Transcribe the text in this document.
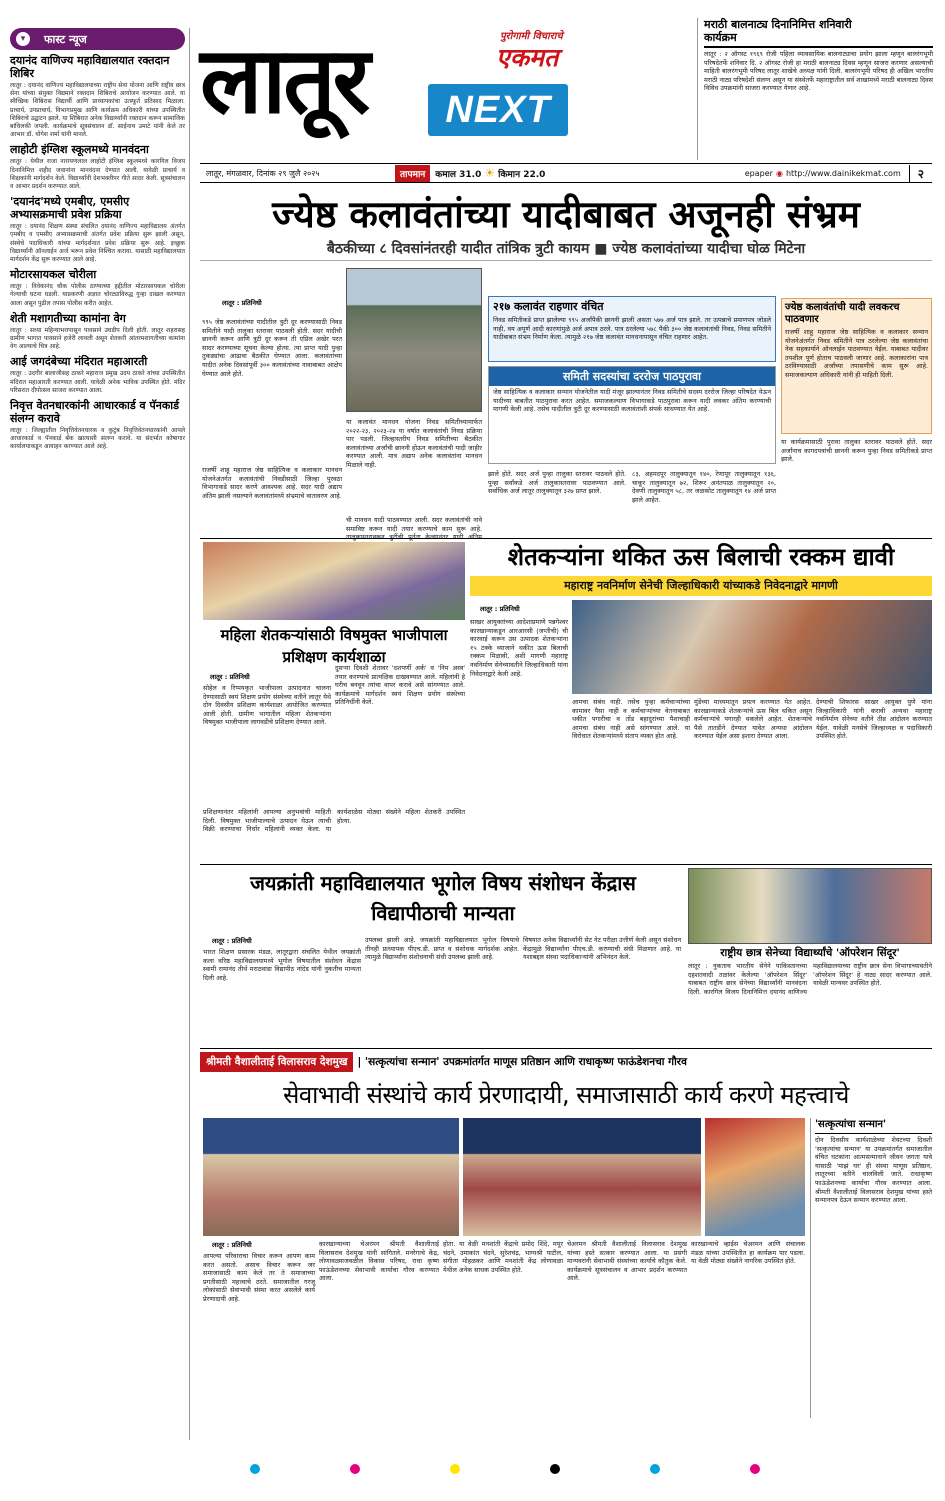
▾	फास्ट न्यूज
दयानंद वाणिज्य महाविद्यालयात रक्तदान शिबिर
लातूर : दयानंद वाणिज्य महाविद्यालयाच्या राष्ट्रीय सेवा योजना आणि राष्ट्रीय छात्र सेना यांच्या संयुक्त विद्यमाने रक्तदान शिबिराचे आयोजन करण्यात आले. या स्वैच्छिक शिबिरास विद्यार्थी आणि प्राध्यापकांचा उत्स्फूर्त प्रतिसाद मिळाला. प्राचार्य, उपप्राचार्य, विभागप्रमुख आणि कार्यक्रम अधिकारी यांच्या उपस्थितीत शिबिराचे उद्घाटन झाले. या शिबिरात अनेक विद्यार्थ्यांनी रक्तदान करून सामाजिक बांधिलकी जपली. कार्यक्रमाचे सूत्रसंचालन डॉ. साईनाथ उमाटे यांनी केले तर आभार डॉ. योगेश शर्मा यांनी मानले.
लाहोटी इंग्लिश स्कूलमध्ये मानवंदना
लातूर : येथील राजा नारायणलाल लाहोटी इंग्लिश स्कूलमध्ये कारगिल विजय दिनानिमित्त शहीद जवानांना मानवंदना देण्यात आली. यावेळी प्राचार्य व शिक्षकांनी मार्गदर्शन केले. विद्यार्थ्यांनी देशभक्तीपर गीते सादर केली. सूत्रसंचालन व आभार प्रदर्शन करण्यात आले.
'दयानंद'मध्ये एमबीए, एमसीए अभ्यासक्रमाची प्रवेश प्रक्रिया
लातूर : दयानंद शिक्षण संस्था संचलित दयानंद वाणिज्य महाविद्यालय अंतर्गत एमबीए व एमसीए अभ्यासक्रमाची अंतर्गत प्रवेश प्रक्रिया सुरू झाली असून, संस्थेचे पदाधिकारी यांच्या मार्गदर्शनात प्रवेश प्रक्रिया सुरू आहे. इच्छुक विद्यार्थ्यांनी ऑनलाईन अर्ज भरून प्रवेश निश्चित करावा. यासाठी महाविद्यालयात मार्गदर्शन केंद्र सुरू करण्यात आले आहे.
मोटारसायकल चोरीला
लातूर : विवेकानंद चौक पोलीस ठाण्याच्या हद्दीतील मोटारसायकल चोरीला गेल्याची घटना घडली. याप्रकरणी अज्ञात चोरट्याविरुद्ध गुन्हा दाखल करण्यात आला असून पुढील तपास पोलीस करीत आहेत.
शेती मशागतीच्या कामांना वेग
लातूर : सध्या महिन्याभरापासून पावसाने उघडीप दिली होती. लातूर शहरासह ग्रामीण भागात पावसाने हजेरी लावली असून शेतकरी आंतरमशागतीच्या कामांना वेग आल्याचे चित्र आहे.
आई जगदंबेच्या मंदिरात महाआरती
लातूर : उदगीर बालाजीसह ठाकरे महाराज प्रमुख उदय ठाकरे यांच्या उपस्थितीत मंदिरात महाआरती करण्यात आली. यावेळी अनेक भाविक उपस्थित होते. मंदिर परिसरात दीपोत्सव साजरा करण्यात आला.
निवृत्त वेतनधारकांनी आधारकार्ड व पॅनकार्ड संलग्न करावे
लातूर : जिल्ह्यातील निवृत्तिवेतनधारक व कुटुंब निवृत्तिवेतनधारकांनी आपले आधारकार्ड व पॅनकार्ड बँक खात्याशी संलग्न करावे. या संदर्भात कोषागार कार्यालयाकडून आवाहन करण्यात आले आहे.
लातूर	पुरोगामी विचाराचे
एकमत
NEXT
लातूर, मंगळवार, दिनांक २९ जुलै २०२५	तापमान	कमाल 31.0 ☀ किमान 22.0	epaper ◉ http://www.dainikekmat.com	२
मराठी बालनाट्य दिनानिमित्त शनिवारी कार्यक्रम
लातूर : २ ऑगस्ट १९६९ रोजी पहिला व्यावसायिक बालनाट्याचा प्रयोग झाला म्हणून बालरंगभूमी परिषदेतर्फे शनिवार दि. २ ऑगस्ट रोजी हा मराठी बालनाट्य दिवस म्हणून साजरा करणार असल्याची माहिती बालरंगभूमी परिषद लातूर शाखेचे अध्यक्ष यांनी दिली. बालरंगभूमी परिषद ही अखिल भारतीय मराठी नाट्य परिषदेशी संलग्न असून या संस्थेतर्फे महाराष्ट्रातील सर्व शाखांमध्ये मराठी बालनाट्य दिवस विविध उपक्रमांनी साजरा करण्यात येणार आहे.
ज्येष्ठ कलावंतांच्या यादीबाबत अजूनही संभ्रम
बैठकीच्या ८ दिवसांनंतरही यादीत तांत्रिक त्रुटी कायम ■ ज्येष्ठ कलावंतांच्या यादीचा घोळ मिटेना
लातूर : प्रतिनिधी
९९५ जेष्ठ कलावंतांच्या यादीतील त्रुटी दूर करण्यासाठी निवड समितीने यादी तालुका स्तरावर पाठवली होती. सदर यादीची छाननी करून आणि त्रुटी दूर करून ती एप्रिल अखेर परत सादर करण्याच्या सूचना केल्या होत्या. त्या प्राप्त यादी पुन्हा तुकड्यांचा आढावा बैठकीत घेण्यात आला. कलावंतांच्या यादीत अनेक दिवसांपूर्वी ३०० कलावंतांच्या नावाबाबत आक्षेप घेण्यात आले होते.
या कलावंत मानधन योजना निवड समितीच्यामार्फत २०२२-२३, २०२३-२४ या वर्षात कलावंतांची निवड प्रक्रिया पार पडली. जिल्हास्तरीय निवड समितीच्या बैठकीत कलावंतांच्या अर्जांची छाननी होऊन कलावंतांची यादी जाहीर करण्यात आली. मात्र अद्याप अनेक कलावंतांना मानधन मिळाले नाही.
राजर्षी शाहू महाराज जेष्ठ साहित्यिक व कलाकार मानधन योजनेअंतर्गत कलावंतांची निवडीसाठी जिल्हा पुरवठा विभागाकडे सादर करणे आवश्यक आहे. सदर यादी अद्याप अंतिम झाली नसल्याने कलावंतांमध्ये संभ्रमाचे वातावरण आहे.
ची मानधन यादी पाठवण्यात आली. सदर कलावंतांची नावे समाविष्ट करून यादी तयार करण्याचे काम सुरू आहे.
२१७ कलावंत राहणार वंचित
निवड समितीकडे प्राप्त झालेल्या ९९५ अर्जांपैकी छाननी झाली असता ५७७ अर्ज पात्र झाले. तर उत्पन्नाचे प्रमाणपत्र जोडले नाही, वय अपूर्ण आदी कारणांमुळे अर्ज अपात्र ठरले. पात्र ठरलेल्या ५७८ पैकी ३०० जेष्ठ कलावंतांची निवड, निवड समितीने यादीबाबत संभ्रम निर्माण केला. त्यामुळे २१७ जेष्ठ कलावंत मानधनापासून वंचित राहणार आहेत.
समिती सदस्यांचा दररोज पाठपुरावा
जेष्ठ साहित्यिक व कलाकार सन्मान योजनेतील यादी मंजूर झाल्यानंतर निवड समितीचे सदस्य दररोज जिल्हा परिषदेत येऊन यादीच्या बाबतीत पाठपुरावा करत आहेत. समाजकल्याण विभागाकडे पाठपुरावा करून यादी लवकर अंतिम करण्याची मागणी केली आहे. तसेच यादीतील त्रुटी दूर करण्यासाठी कलावंतांशी संपर्क साधण्यात येत आहे.
झाले होते. सदर अर्ज पुन्हा तालुका स्तरावर पाठवले होते. पुन्हा सर्वांकडे अर्ज तालुकास्तरावर पाठवण्यात आले. सर्वाधिक अर्ज लातूर तालुक्यातून ३२७ प्राप्त झाले.
८३, अहमदपूर तालुक्यातून १४०, रेणापूर तालुक्यातून १३६, चाकूर तालुक्यातून ७२, शिरूर अनंतपाळ तालुक्यातून २०, देवणी तालुक्यातून ५८, तर जळकोट तालुक्यातून १४ अर्ज प्राप्त झाले आहेत.
ज्येष्ठ कलावंतांची यादी लवकरच पाठवणार
राजर्षी शाहू महाराज जेष्ठ साहित्यिक व कलाकार सन्मान योजनेअंतर्गत निवड समितीने पात्र ठरलेल्या जेष्ठ कलावंतांचा नेक सहकार्याने ऑनलाईन पाठवण्यात येईल. याबाबत यादीवर तपशील पूर्ण होताच पाठवली जाणार आहे. कलाकारांना पात्र ठरविण्यासाठी अर्जांच्या तपासणीचे काम सुरू आहे. समाजकल्याण अधिकारी यांनी ही माहिती दिली.
या कार्यक्रमासाठी पुरावा तालुका स्तरावर पाठवले होते. सदर अर्जांनाच कागदपत्रांची छाननी करून पुन्हा निवड समितीकडे प्राप्त झाले.
महिला शेतकऱ्यांसाठी विषमुक्त भाजीपाला प्रशिक्षण कार्यशाळा
लातूर : प्रतिनिधी
सोहेल व रिप्पयकृत भाजीपाला उत्पादनात चालना देण्यासाठी स्वयं शिक्षण प्रयोग संस्थेच्या वतीने लातूर येथे दोन दिवसीय प्रशिक्षण कार्यशाळा आयोजित करण्यात आली होती. ग्रामीण भागातील महिला शेतकऱ्यांना विषमुक्त भाजीपाला लागवडीचे प्रशिक्षण देण्यात आले.
दुसऱ्या दिवशी शेतावर 'दशपर्णी अर्क' व 'निम अस्त्र' तयार करण्याचे प्रात्यक्षिक दाखवण्यात आले. महिलांनी हे घरीच बनवून त्यांचा वापर करावे असे सांगण्यात आले. कार्यक्रमाचे मार्गदर्शन स्वयं शिक्षण प्रयोग संस्थेच्या प्रतिनिधींनी केले.
प्रशिक्षणानंतर महिलांनी आपल्या अनुभवांची माहिती दिली. विषमुक्त भाजीपाल्याचे उत्पादन घेऊन त्याची विक्री करण्याचा निर्धार महिलांनी व्यक्त केला. या कार्यशाळेस मोठ्या संख्येने महिला शेतकरी उपस्थित होत्या.
शेतकऱ्यांना थकित ऊस बिलाची रक्कम द्यावी
महाराष्ट्र नवनिर्माण सेनेची जिल्हाधिकारी यांच्याकडे निवेदनाद्वारे मागणी
लातूर : प्रतिनिधी
साखर आयुक्तांच्या आदेशाप्रमाणे पन्नगेश्वर कारखान्याकडून आरआरसी (जप्तीची) ची कारवाई करून उस उत्पादक शेतकऱ्यांना १५ टक्के व्याजाने थकीत ऊस बिलाची रक्कम मिळावी, अशी मागणी महाराष्ट्र नवनिर्माण सेनेच्यावतीने जिल्हाधिकारी यांना निवेदनाद्वारे केली आहे.
आमचा संबंध नाही. तसेच पुन्हा कर्मचाऱ्यांच्या कामावर पैसा नाही व कर्मचाऱ्यांच्या वेतनाबाबत थकीत पगारीचा व तोंड बहादुरांच्या पैशाचाही आमचा संबंध नाही असे सांगण्यात आले. या विरोधात शेतकऱ्यांमध्ये संताप व्यक्त होत आहे.
मुंडेंच्या माध्यमातून प्रयत्न करण्यात येत आहेत. कारखान्याकडे शेतकऱ्यांचे ऊस बिल थकित असून कर्मचाऱ्यांचे पगारही थकलेले आहेत. शेतकऱ्यांचे पैसे तातडीने देण्यात यावेत अन्यथा आंदोलन करण्यात येईल असा इशारा देण्यात आला.
देण्याची शिफारस साखर आयुक्त पुणे यांना जिल्हाधिकारी यांनी करावी अन्यथा महाराष्ट्र नवनिर्माण सेनेच्या वतीने तीव्र आंदोलन करण्यात येईल. यावेळी मनसेचे जिल्हाध्यक्ष व पदाधिकारी उपस्थित होते.
जयक्रांती महाविद्यालयात भूगोल विषय संशोधन केंद्रास विद्यापीठाची मान्यता
लातूर : प्रतिनिधी
भारत शिक्षण प्रसारक मंडळ, लातूरद्वारा संचलित येथील जयक्रांती कला वरिष्ठ महाविद्यालयामध्ये भूगोल विषयातील संशोधन केंद्रास स्वामी रामानंद तीर्थ मराठवाडा विद्यापीठ नांदेड यांनी नुकतीच मान्यता दिली आहे.
उपलब्ध झाली आहे. जयक्रांती महाविद्यालयात भूगोल विषयाचे तीनही प्राध्यापक पीएच.डी. प्राप्त व संशोधक मार्गदर्शक आहेत. त्यामुळे विद्यार्थ्यांना संशोधनाची संधी उपलब्ध झाली आहे.
विषयात अनेक विद्यार्थ्यांनी सेट नेट परीक्षा उत्तीर्ण केली असून संशोधन केंद्रामुळे विद्यार्थ्यांना पीएच.डी. करण्याची संधी मिळणार आहे. या यशाबद्दल संस्था पदाधिकाऱ्यांनी अभिनंदन केले.	राष्ट्रीय छात्र सेनेच्या विद्यार्थ्यांचे 'ऑपरेशन सिंदूर'
लातूर : नुकताच भारतीय सेनेने पाकिस्तानच्या दहशतवादी तळांवर केलेल्या 'ऑपरेशन सिंदूर' याबाबत राष्ट्रीय छात्र सेनेच्या विद्यार्थ्यांनी मानवंदना दिली. कारगिल विजय दिनानिमित्त दयानंद वाणिज्य महाविद्यालयाच्या राष्ट्रीय छात्र सेना विभागाच्यावतीने 'ऑपरेशन सिंदूर' हे नाट्य सादर करण्यात आले. यावेळी मान्यवर उपस्थित होते.
श्रीमती वैशालीताई विलासराव देशमुख | 'सत्कृत्यांचा सन्मान' उपक्रमांतर्गत माणूस प्रतिष्ठान आणि राधाकृष्ण फाऊंडेशनचा गौरव
सेवाभावी संस्थांचे कार्य प्रेरणादायी, समाजासाठी कार्य करणे महत्त्वाचे
लातूर : प्रतिनिधी
आपल्या परिवाराचा विचार करून आपण काम करत असतो. असाच विचार करून जर समाजासाठी काम केले तर ते समाजाच्या प्रगतीसाठी महत्त्वाचे ठरते. समाजातील गरजू लोकांसाठी सेवाभावी संस्था करत असलेले कार्य प्रेरणादायी आहे.
कारखान्याच्या चेअरमन श्रीमती वैशालीताई विलासराव देशमुख यांनी सांगितले. मनरेगाचे केंद्र, लोणावळ्याजवळील विकास परिषद, राधा कृष्ण फाऊंडेशनच्या सेवाभावी कार्याचा गौरव करण्यात आला.
होता. या वेळी मनशांती केंद्राचे प्रमोद शिंदे, मयूर चंदने, उमाकांत चंदने, सुरेशचंद्र, भाग्यश्री पाटील, संगीता मोहळकर आणि मनशांती केंद्र लोणावळा येथील अनेक साधक उपस्थित होते.
चेअरमन श्रीमती वैशालीताई विलासराव देशमुख यांच्या हस्ते सत्कार करण्यात आला. या प्रसंगी मान्यवरांनी सेवाभावी संस्थांच्या कार्याचे कौतुक केले. कार्यक्रमाचे सूत्रसंचालन व आभार प्रदर्शन करण्यात आले.
कारखान्याचे व्हाईस चेअरमन आणि संचालक मंडळ यांच्या उपस्थितीत हा कार्यक्रम पार पडला. या वेळी मोठ्या संख्येने नागरिक उपस्थित होते.
'सत्कृत्यांचा सन्मान'
दोन दिवसीय कार्यशाळेच्या शेवटच्या दिवशी 'सत्कृत्यांचा सन्मान' या उपक्रमांतर्गत समाजातील वंचित घटकांना आत्मसन्मानाने जीवन जगता यावे यासाठी 'माझं घर' ही संस्था माणूस प्रतिष्ठान, लातूरच्या वतीने चालविली जाते. राधाकृष्ण फाऊंडेशनच्या कार्याचा गौरव करण्यात आला. श्रीमती वैशालीताई विलासराव देशमुख यांच्या हस्ते सन्मानपत्र देऊन सन्मान करण्यात आला.
